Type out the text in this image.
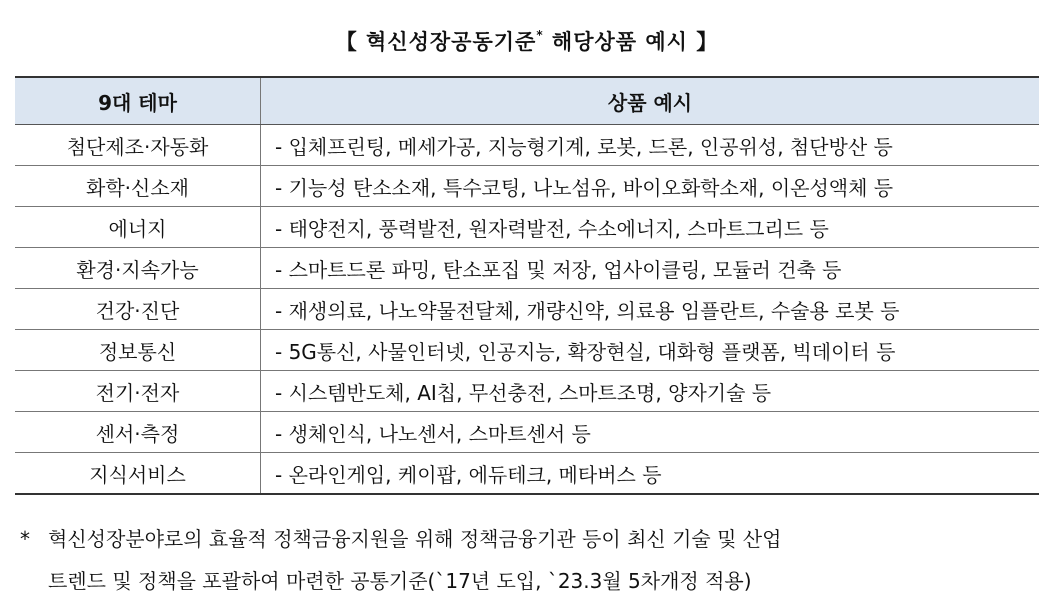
【 혁신성장공동기준* 해당상품 예시 】
9대 테마	상품 예시
첨단제조·자동화	- 입체프린팅, 메세가공, 지능형기계, 로봇, 드론, 인공위성, 첨단방산 등
화학·신소재	- 기능성 탄소소재, 특수코팅, 나노섬유, 바이오화학소재, 이온성액체 등
에너지	- 태양전지, 풍력발전, 원자력발전, 수소에너지, 스마트그리드 등
환경·지속가능	- 스마트드론 파밍, 탄소포집 및 저장, 업사이클링, 모듈러 건축 등
건강·진단	- 재생의료, 나노약물전달체, 개량신약, 의료용 임플란트, 수술용 로봇 등
정보통신	- 5G통신, 사물인터넷, 인공지능, 확장현실, 대화형 플랫폼, 빅데이터 등
전기·전자	- 시스템반도체, AI칩, 무선충전, 스마트조명, 양자기술 등
센서·측정	- 생체인식, 나노센서, 스마트센서 등
지식서비스	- 온라인게임, 케이팝, 에듀테크, 메타버스 등
* 혁신성장분야로의 효율적 정책금융지원을 위해 정책금융기관 등이 최신 기술 및 산업
트렌드 및 정책을 포괄하여 마련한 공통기준(`17년 도입, `23.3월 5차개정 적용)
